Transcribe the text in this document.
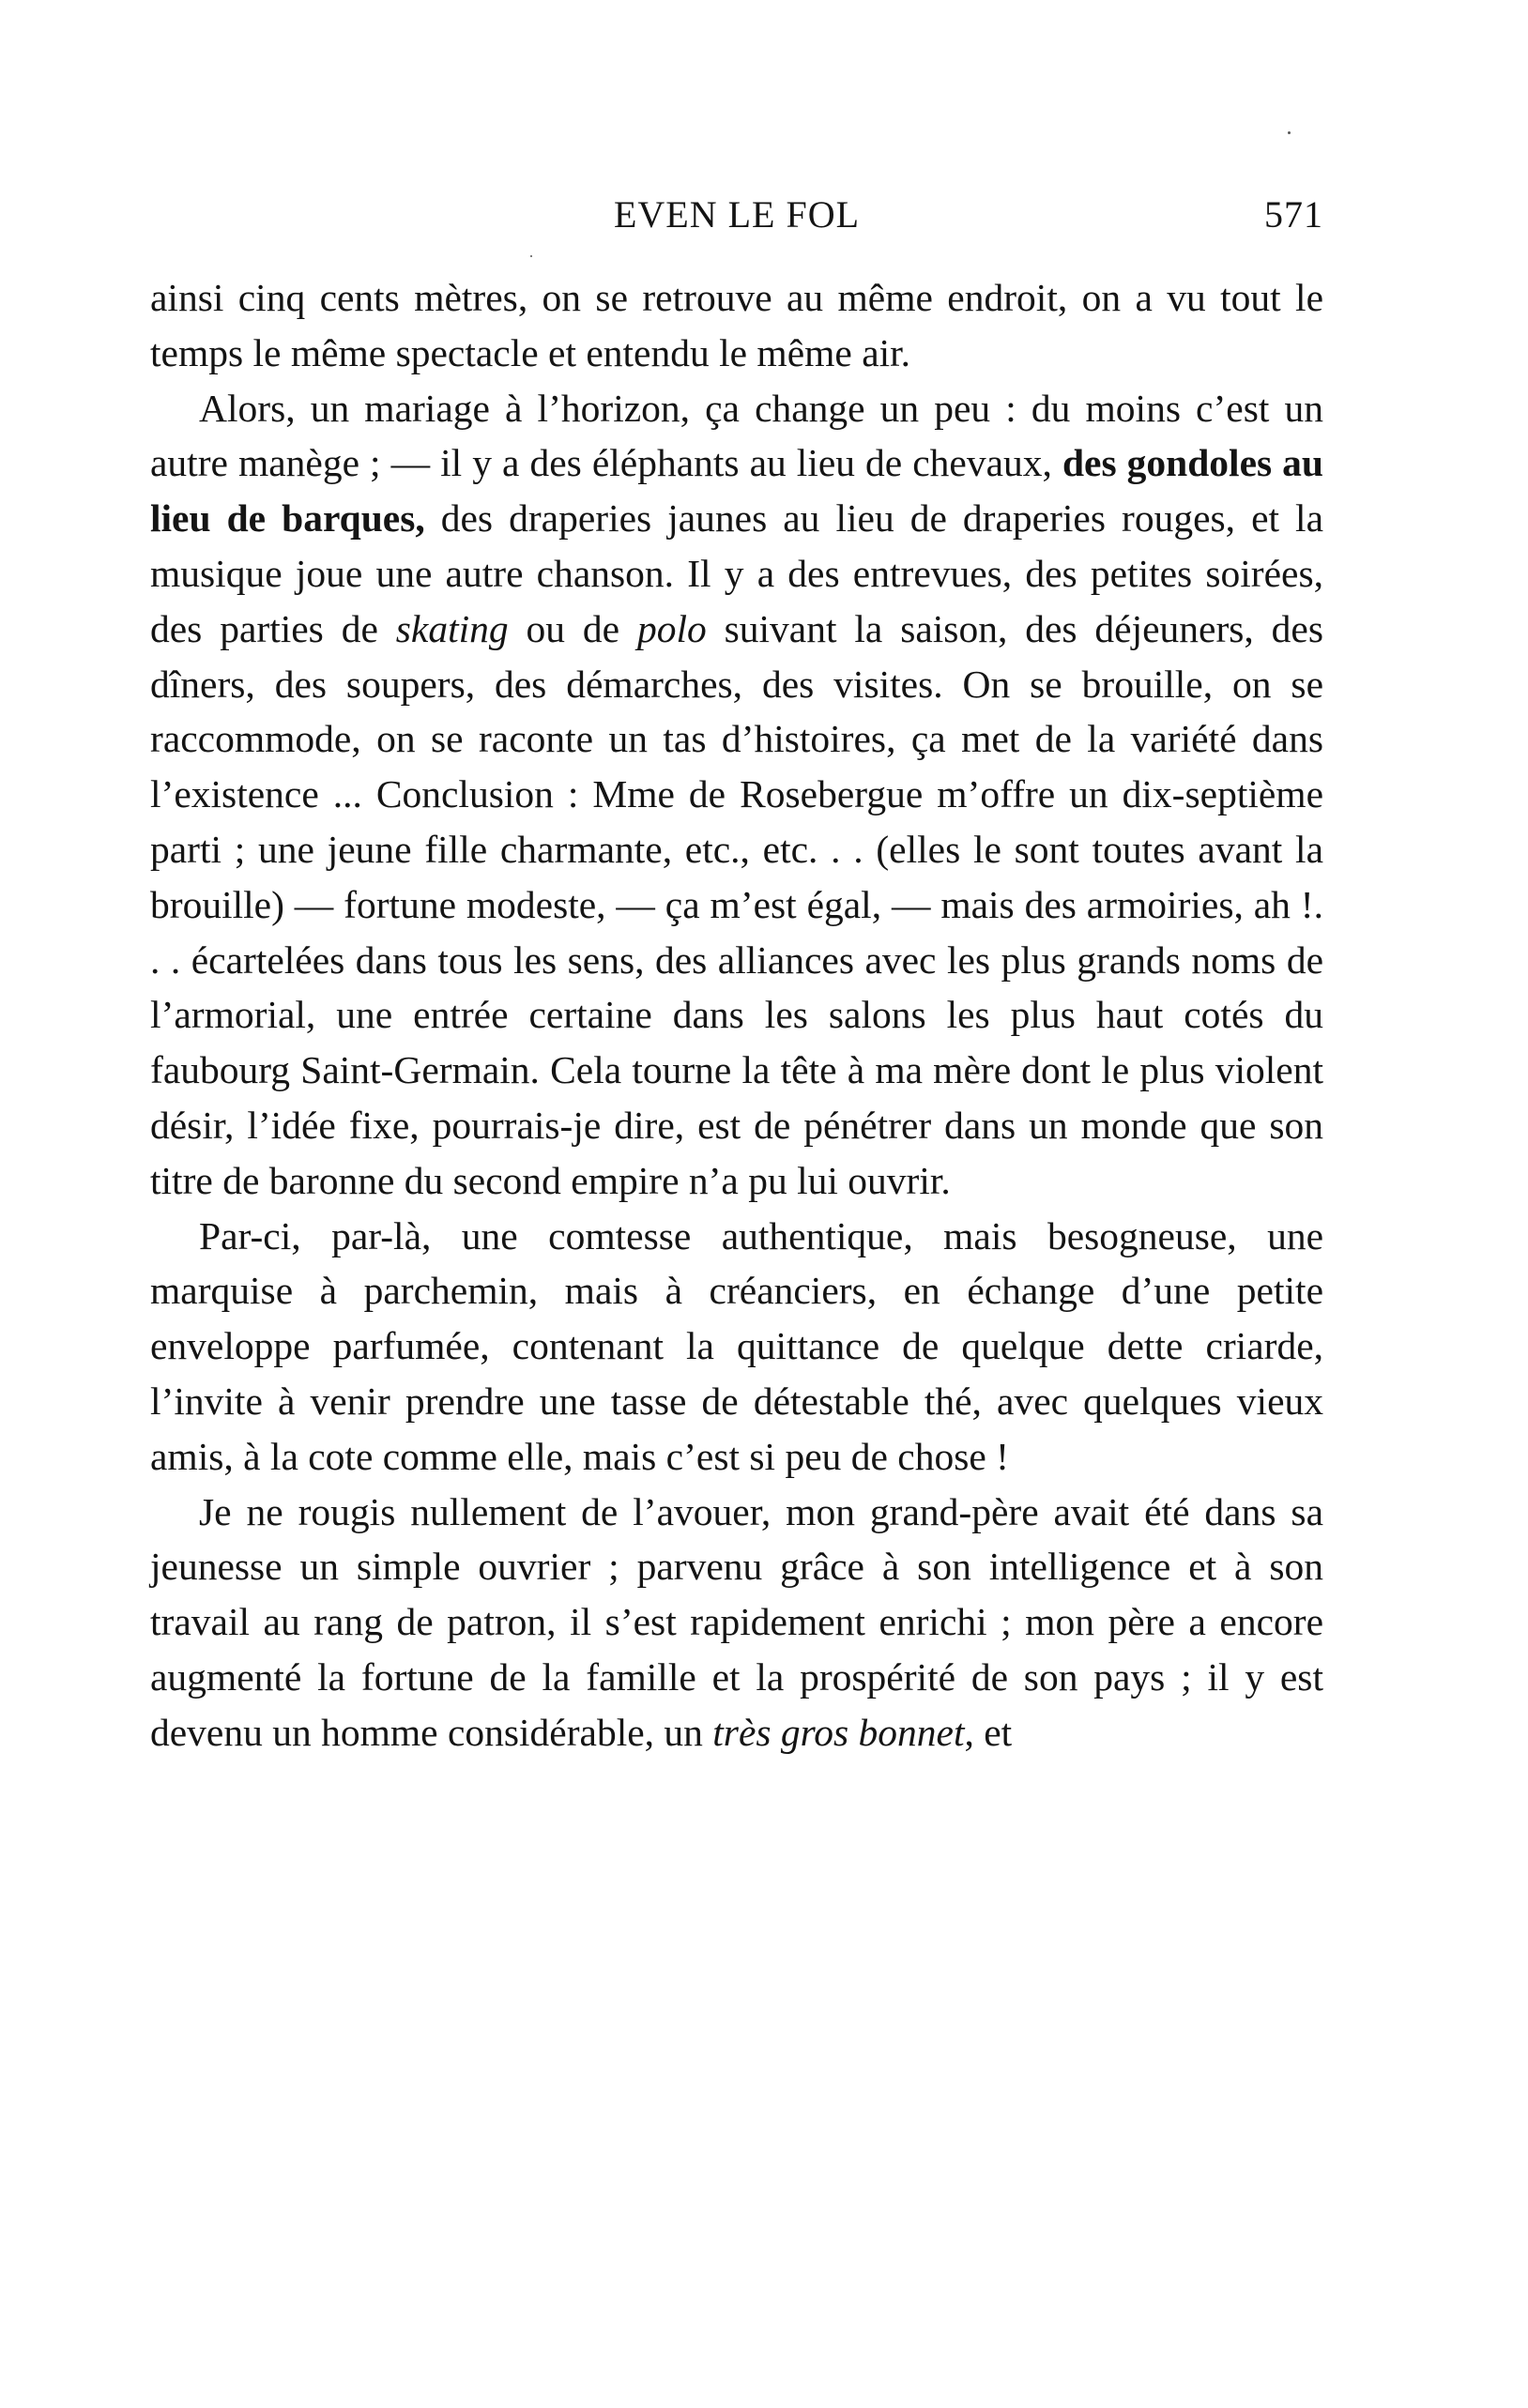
EVEN LE FOL	571

ainsi cinq cents mètres, on se retrouve au même endroit, on a vu tout le temps le même spectacle et entendu le même air.

Alors, un mariage à l’horizon, ça change un peu : du moins c’est un autre manège ; — il y a des éléphants au lieu de chevaux, des gondoles au lieu de barques, des draperies jaunes au lieu de draperies rouges, et la musique joue une autre chanson. Il y a des entrevues, des petites soirées, des parties de skating ou de polo suivant la saison, des déjeuners, des dîners, des soupers, des démarches, des visites. On se brouille, on se raccommode, on se raconte un tas d’histoires, ça met de la variété dans l’existence ... Conclusion : Mme de Rosebergue m’offre un dix-septième parti ; une jeune fille charmante, etc., etc. . . (elles le sont toutes avant la brouille) — fortune modeste, — ça m’est égal, — mais des armoiries, ah !. . . écartelées dans tous les sens, des alliances avec les plus grands noms de l’armorial, une entrée certaine dans les salons les plus haut cotés du faubourg Saint-Germain. Cela tourne la tête à ma mère dont le plus violent désir, l’idée fixe, pourrais-je dire, est de pénétrer dans un monde que son titre de baronne du second empire n’a pu lui ouvrir.

Par-ci, par-là, une comtesse authentique, mais besogneuse, une marquise à parchemin, mais à créanciers, en échange d’une petite enveloppe parfumée, contenant la quittance de quelque dette criarde, l’invite à venir prendre une tasse de détestable thé, avec quelques vieux amis, à la cote comme elle, mais c’est si peu de chose !

Je ne rougis nullement de l’avouer, mon grand-père avait été dans sa jeunesse un simple ouvrier ; parvenu grâce à son intelligence et à son travail au rang de patron, il s’est rapidement enrichi ; mon père a encore augmenté la fortune de la famille et la prospérité de son pays ; il y est devenu un homme considérable, un très gros bonnet, et
